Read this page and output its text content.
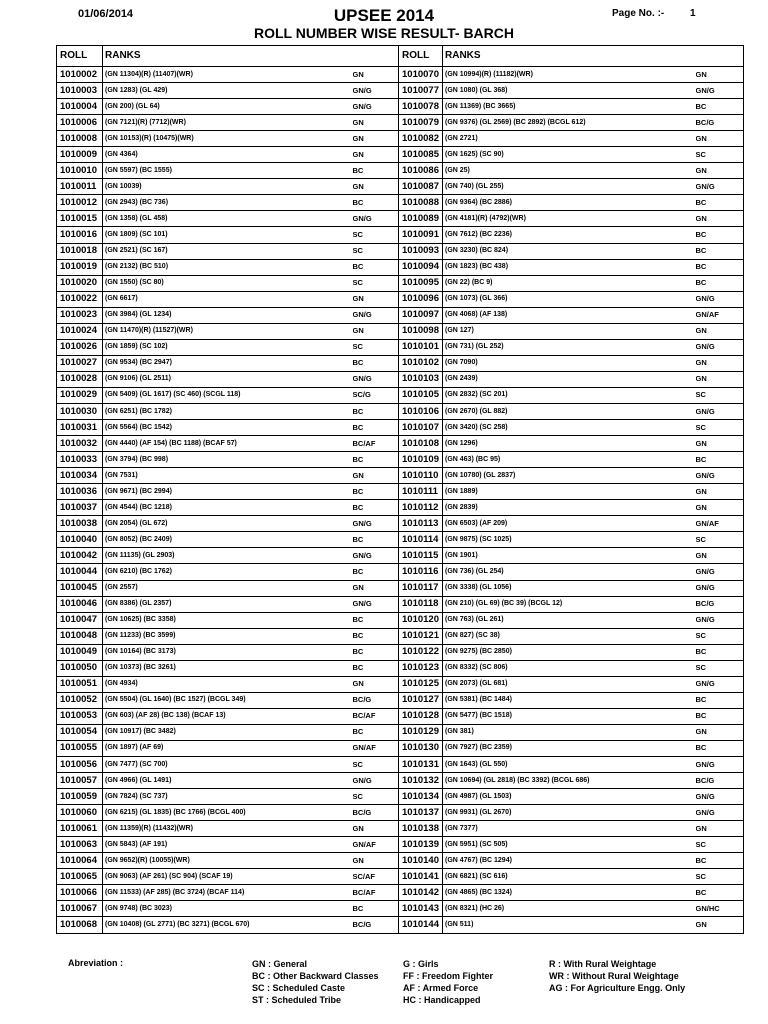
01/06/2014	UPSEE 2014
ROLL NUMBER WISE RESULT- BARCH
Page No. :-	1
ROLL	RANKS	
1010002	(GN 11304)(R) (11407)(WR)	GN
1010003	(GN 1283) (GL 429)	GN/G
1010004	(GN 200) (GL 64)	GN/G
1010006	(GN 7121)(R) (7712)(WR)	GN
1010008	(GN 10153)(R) (10475)(WR)	GN
1010009	(GN 4364)	GN
1010010	(GN 5597) (BC 1555)	BC
1010011	(GN 10039)	GN
1010012	(GN 2943) (BC 736)	BC
1010015	(GN 1358) (GL 458)	GN/G
1010016	(GN 1809) (SC 101)	SC
1010018	(GN 2521) (SC 167)	SC
1010019	(GN 2132) (BC 510)	BC
1010020	(GN 1550) (SC 80)	SC
1010022	(GN 6617)	GN
1010023	(GN 3984) (GL 1234)	GN/G
1010024	(GN 11470)(R) (11527)(WR)	GN
1010026	(GN 1859) (SC 102)	SC
1010027	(GN 9534) (BC 2947)	BC
1010028	(GN 9106) (GL 2511)	GN/G
1010029	(GN 5409) (GL 1617) (SC 460) (SCGL 118)	SC/G
1010030	(GN 6251) (BC 1782)	BC
1010031	(GN 5564) (BC 1542)	BC
1010032	(GN 4440) (AF 154) (BC 1188) (BCAF 57)	BC/AF
1010033	(GN 3794) (BC 998)	BC
1010034	(GN 7531)	GN
1010036	(GN 9671) (BC 2994)	BC
1010037	(GN 4544) (BC 1218)	BC
1010038	(GN 2054) (GL 672)	GN/G
1010040	(GN 8052) (BC 2409)	BC
1010042	(GN 11135) (GL 2903)	GN/G
1010044	(GN 6210) (BC 1762)	BC
1010045	(GN 2557)	GN
1010046	(GN 8386) (GL 2357)	GN/G
1010047	(GN 10625) (BC 3358)	BC
1010048	(GN 11233) (BC 3599)	BC
1010049	(GN 10164) (BC 3173)	BC
1010050	(GN 10373) (BC 3261)	BC
1010051	(GN 4934)	GN
1010052	(GN 5504) (GL 1640) (BC 1527) (BCGL 349)	BC/G
1010053	(GN 603) (AF 28) (BC 138) (BCAF 13)	BC/AF
1010054	(GN 10917) (BC 3482)	BC
1010055	(GN 1897) (AF 69)	GN/AF
1010056	(GN 7477) (SC 700)	SC
1010057	(GN 4966) (GL 1491)	GN/G
1010059	(GN 7824) (SC 737)	SC
1010060	(GN 6215) (GL 1835) (BC 1766) (BCGL 400)	BC/G
1010061	(GN 11359)(R) (11432)(WR)	GN
1010063	(GN 5843) (AF 191)	GN/AF
1010064	(GN 9652)(R) (10055)(WR)	GN
1010065	(GN 9063) (AF 261) (SC 904) (SCAF 19)	SC/AF
1010066	(GN 11533) (AF 285) (BC 3724) (BCAF 114)	BC/AF
1010067	(GN 9748) (BC 3023)	BC
1010068	(GN 10408) (GL 2771) (BC 3271) (BCGL 670)	BC/G
ROLL	RANKS	
1010070	(GN 10994)(R) (11182)(WR)	GN
1010077	(GN 1080) (GL 368)	GN/G
1010078	(GN 11369) (BC 3665)	BC
1010079	(GN 9376) (GL 2569) (BC 2892) (BCGL 612)	BC/G
1010082	(GN 2721)	GN
1010085	(GN 1625) (SC 90)	SC
1010086	(GN 25)	GN
1010087	(GN 740) (GL 255)	GN/G
1010088	(GN 9364) (BC 2886)	BC
1010089	(GN 4181)(R) (4792)(WR)	GN
1010091	(GN 7612) (BC 2236)	BC
1010093	(GN 3230) (BC 824)	BC
1010094	(GN 1823) (BC 438)	BC
1010095	(GN 22) (BC 9)	BC
1010096	(GN 1073) (GL 366)	GN/G
1010097	(GN 4068) (AF 138)	GN/AF
1010098	(GN 127)	GN
1010101	(GN 731) (GL 252)	GN/G
1010102	(GN 7090)	GN
1010103	(GN 2439)	GN
1010105	(GN 2832) (SC 201)	SC
1010106	(GN 2670) (GL 882)	GN/G
1010107	(GN 3420) (SC 258)	SC
1010108	(GN 1296)	GN
1010109	(GN 463) (BC 95)	BC
1010110	(GN 10780) (GL 2837)	GN/G
1010111	(GN 1889)	GN
1010112	(GN 2839)	GN
1010113	(GN 6503) (AF 209)	GN/AF
1010114	(GN 9875) (SC 1025)	SC
1010115	(GN 1901)	GN
1010116	(GN 736) (GL 254)	GN/G
1010117	(GN 3338) (GL 1056)	GN/G
1010118	(GN 210) (GL 69) (BC 39) (BCGL 12)	BC/G
1010120	(GN 763) (GL 261)	GN/G
1010121	(GN 827) (SC 38)	SC
1010122	(GN 9275) (BC 2850)	BC
1010123	(GN 8332) (SC 806)	SC
1010125	(GN 2073) (GL 681)	GN/G
1010127	(GN 5381) (BC 1484)	BC
1010128	(GN 5477) (BC 1518)	BC
1010129	(GN 381)	GN
1010130	(GN 7927) (BC 2359)	BC
1010131	(GN 1643) (GL 550)	GN/G
1010132	(GN 10694) (GL 2818) (BC 3392) (BCGL 686)	BC/G
1010134	(GN 4987) (GL 1503)	GN/G
1010137	(GN 9931) (GL 2670)	GN/G
1010138	(GN 7377)	GN
1010139	(GN 5951) (SC 505)	SC
1010140	(GN 4767) (BC 1294)	BC
1010141	(GN 6821) (SC 616)	SC
1010142	(GN 4865) (BC 1324)	BC
1010143	(GN 8321) (HC 26)	GN/HC
1010144	(GN 511)	GN
Abreviation :	GN : General
BC : Other Backward Classes
SC : Scheduled Caste
ST : Scheduled Tribe
G : Girls
FF : Freedom Fighter
AF : Armed Force
HC : Handicapped
R : With Rural Weightage
WR : Without Rural Weightage
AG : For Agriculture Engg. Only
